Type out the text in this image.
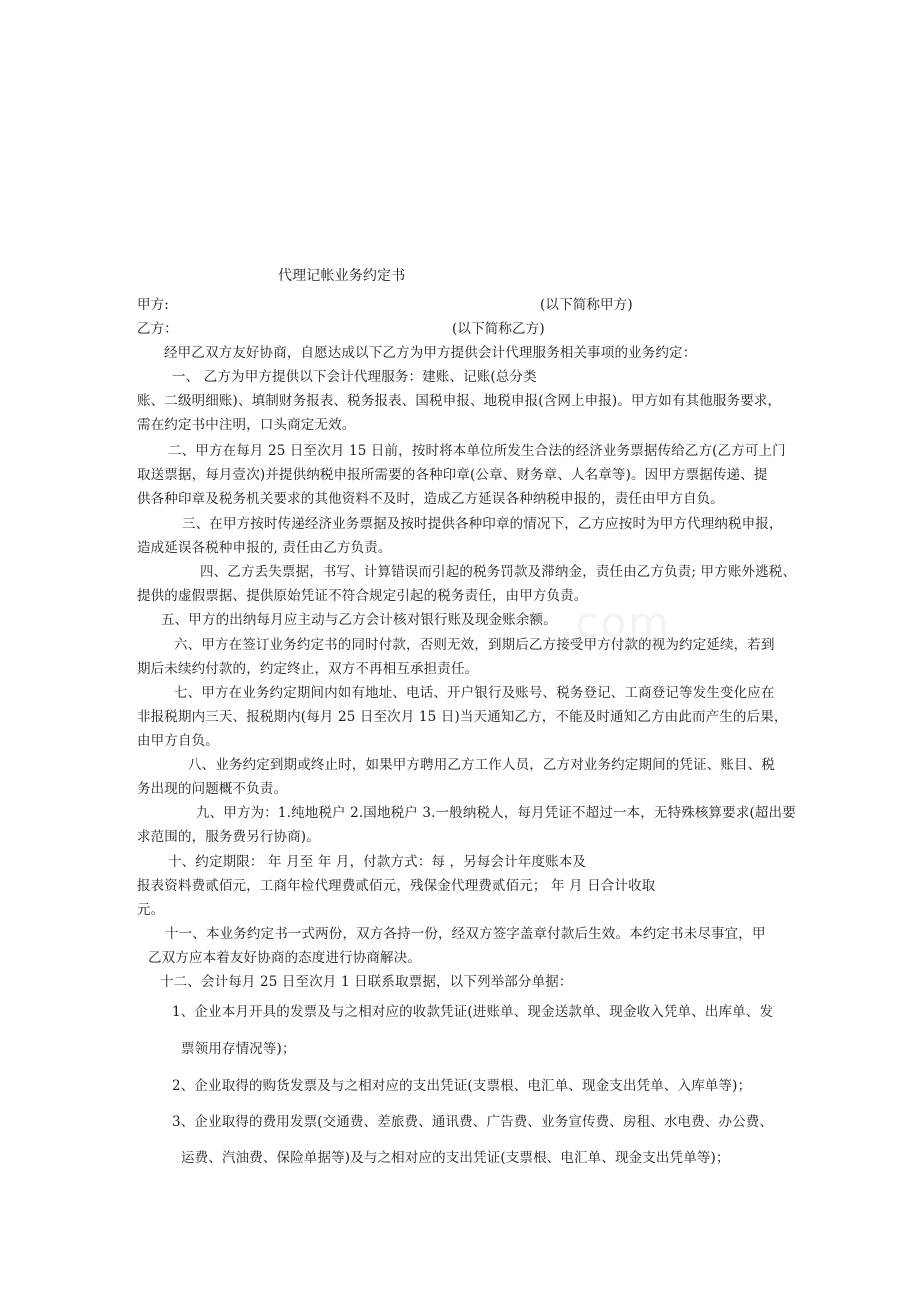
.com
代理记帐业务约定书
甲方:	(以下简称甲方)
乙方：	(以下简称乙方)
经甲乙双方友好协商，自愿达成以下乙方为甲方提供会计代理服务相关事项的业务约定：
一、 乙方为甲方提供以下会计代理服务：建账、记账(总分类
账、二级明细账)、填制财务报表、税务报表、国税申报、地税申报(含网上申报)。甲方如有其他服务要求，
需在约定书中注明，口头商定无效。
二、甲方在每月 25 日至次月 15 日前，按时将本单位所发生合法的经济业务票据传给乙方(乙方可上门
取送票据，每月壹次)并提供纳税申报所需要的各种印章(公章、财务章、人名章等)。因甲方票据传递、提
供各种印章及税务机关要求的其他资料不及时，造成乙方延误各种纳税申报的，责任由甲方自负。
三、在甲方按时传递经济业务票据及按时提供各种印章的情况下，乙方应按时为甲方代理纳税申报，
造成延误各税种申报的, 责任由乙方负责。
四、乙方丢失票据，书写、计算错误而引起的税务罚款及滞纳金，责任由乙方负责; 甲方账外逃税、
提供的虚假票据、提供原始凭证不符合规定引起的税务责任，由甲方负责。
五、甲方的出纳每月应主动与乙方会计核对银行账及现金账余额。
六、甲方在签订业务约定书的同时付款，否则无效，到期后乙方接受甲方付款的视为约定延续，若到
期后未续约付款的，约定终止，双方不再相互承担责任。
七、甲方在业务约定期间内如有地址、电话、开户银行及账号、税务登记、工商登记等发生变化应在
非报税期内三天、报税期内(每月 25 日至次月 15 日)当天通知乙方，不能及时通知乙方由此而产生的后果，
由甲方自负。
八、业务约定到期或终止时，如果甲方聘用乙方工作人员，乙方对业务约定期间的凭证、账目、税
务出现的问题概不负责。
九、甲方为：1.纯地税户 2.国地税户 3.一般纳税人，每月凭证不超过一本，无特殊核算要求(超出要
求范围的，服务费另行协商)。
十、约定期限： 年 月至 年 月，付款方式：每 ，另每会计年度账本及
报表资料费贰佰元，工商年检代理费贰佰元，残保金代理费贰佰元； 年 月 日合计收取
元。
十一、本业务约定书一式两份，双方各持一份，经双方签字盖章付款后生效。本约定书未尽事宜，甲
乙双方应本着友好协商的态度进行协商解决。
十二、会计每月 25 日至次月 1 日联系取票据，以下列举部分单据：
1、企业本月开具的发票及与之相对应的收款凭证(进账单、现金送款单、现金收入凭单、出库单、发
票领用存情况等)；
2、企业取得的购货发票及与之相对应的支出凭证(支票根、电汇单、现金支出凭单、入库单等)；
3、企业取得的费用发票(交通费、差旅费、通讯费、广告费、业务宣传费、房租、水电费、办公费、
运费、汽油费、保险单据等)及与之相对应的支出凭证(支票根、电汇单、现金支出凭单等)；
